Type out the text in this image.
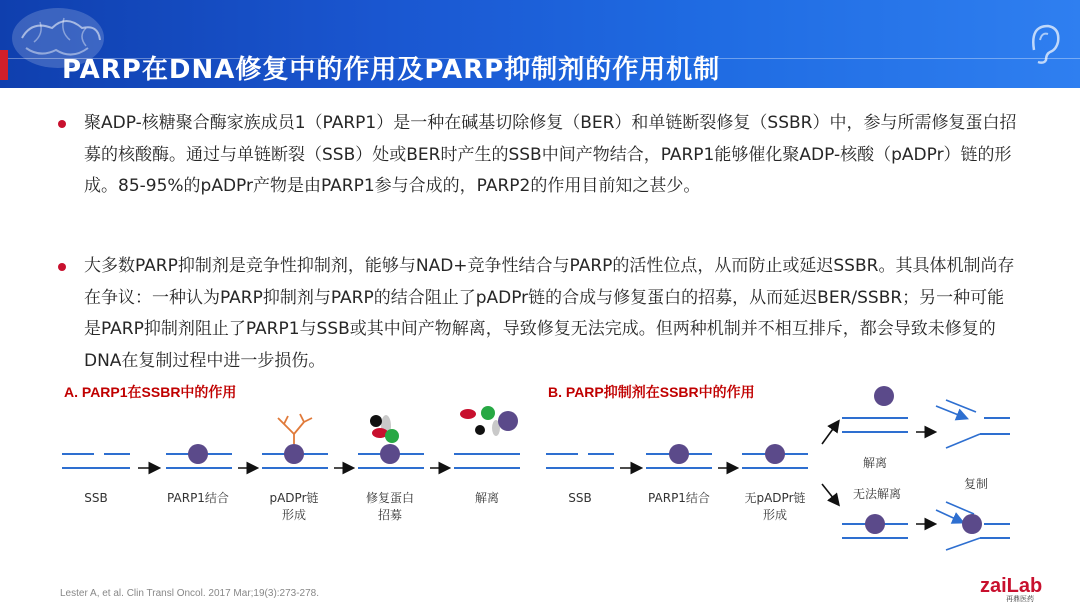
PARP在DNA修复中的作用及PARP抑制剂的作用机制
聚ADP-核糖聚合酶家族成员1（PARP1）是一种在碱基切除修复（BER）和单链断裂修复（SSBR）中，参与所需修复蛋白招募的核酸酶。通过与单链断裂（SSB）处或BER时产生的SSB中间产物结合，PARP1能够催化聚ADP-核酸（pADPr）链的形成。85-95%的pADPr产物是由PARP1参与合成的，PARP2的作用目前知之甚少。
大多数PARP抑制剂是竞争性抑制剂，能够与NAD+竞争性结合与PARP的活性位点，从而防止或延迟SSBR。其具体机制尚存在争议：一种认为PARP抑制剂与PARP的结合阻止了pADPr链的合成与修复蛋白的招募，从而延迟BER/SSBR；另一种可能是PARP抑制剂阻止了PARP1与SSB或其中间产物解离，导致修复无法完成。但两种机制并不相互排斥，都会导致未修复的DNA在复制过程中进一步损伤。
A. PARP1在SSBR中的作用	B. PARP抑制剂在SSBR中的作用
SSB	PARP1结合	pADPr链
形成
修复蛋白
招募
解离	SSB	PARP1结合	无pADPr链
形成
解离
无法解离
复制
Lester A, et al. Clin Transl Oncol. 2017 Mar;19(3):273-278.	zaiLab
再鼎医药
